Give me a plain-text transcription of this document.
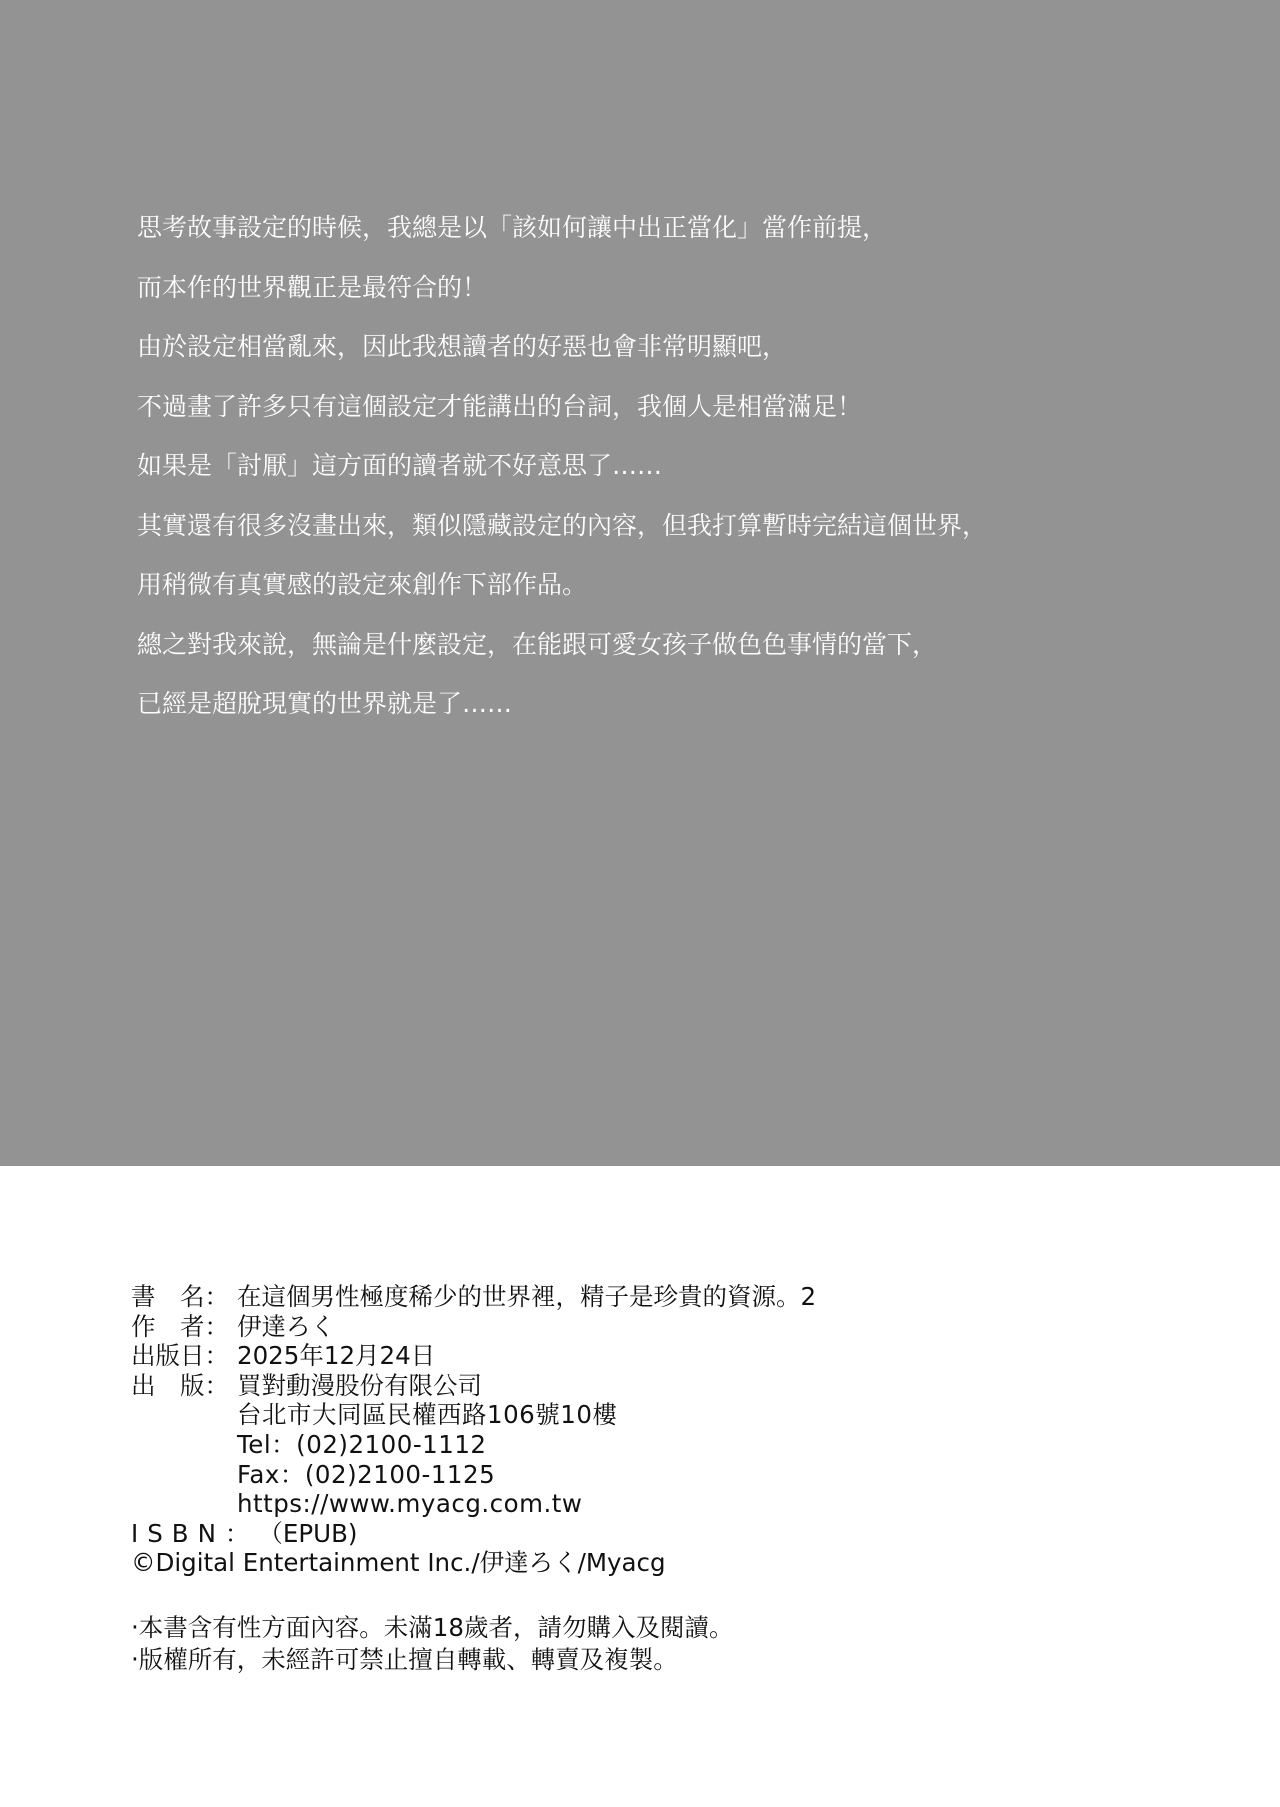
思考故事設定的時候，我總是以「該如何讓中出正當化」當作前提，
而本作的世界觀正是最符合的！
由於設定相當亂來，因此我想讀者的好惡也會非常明顯吧，
不過畫了許多只有這個設定才能講出的台詞，我個人是相當滿足！
如果是「討厭」這方面的讀者就不好意思了……
其實還有很多沒畫出來，類似隱藏設定的內容，但我打算暫時完結這個世界，
用稍微有真實感的設定來創作下部作品。
總之對我來說，無論是什麼設定，在能跟可愛女孩子做色色事情的當下，
已經是超脫現實的世界就是了……
書　名： 在這個男性極度稀少的世界裡，精子是珍貴的資源。2
作　者： 伊達ろく
出版日： 2025年12月24日
出　版： 買對動漫股份有限公司
台北市大同區民權西路106號10樓
Tel：(02)2100-1112
Fax：(02)2100-1125
https://www.myacg.com.tw
ISBN： （EPUB)
©Digital Entertainment Inc./伊達ろく/Myacg
‧本書含有性方面內容。未滿18歲者，請勿購入及閱讀。
‧版權所有，未經許可禁止擅自轉載、轉賣及複製。
